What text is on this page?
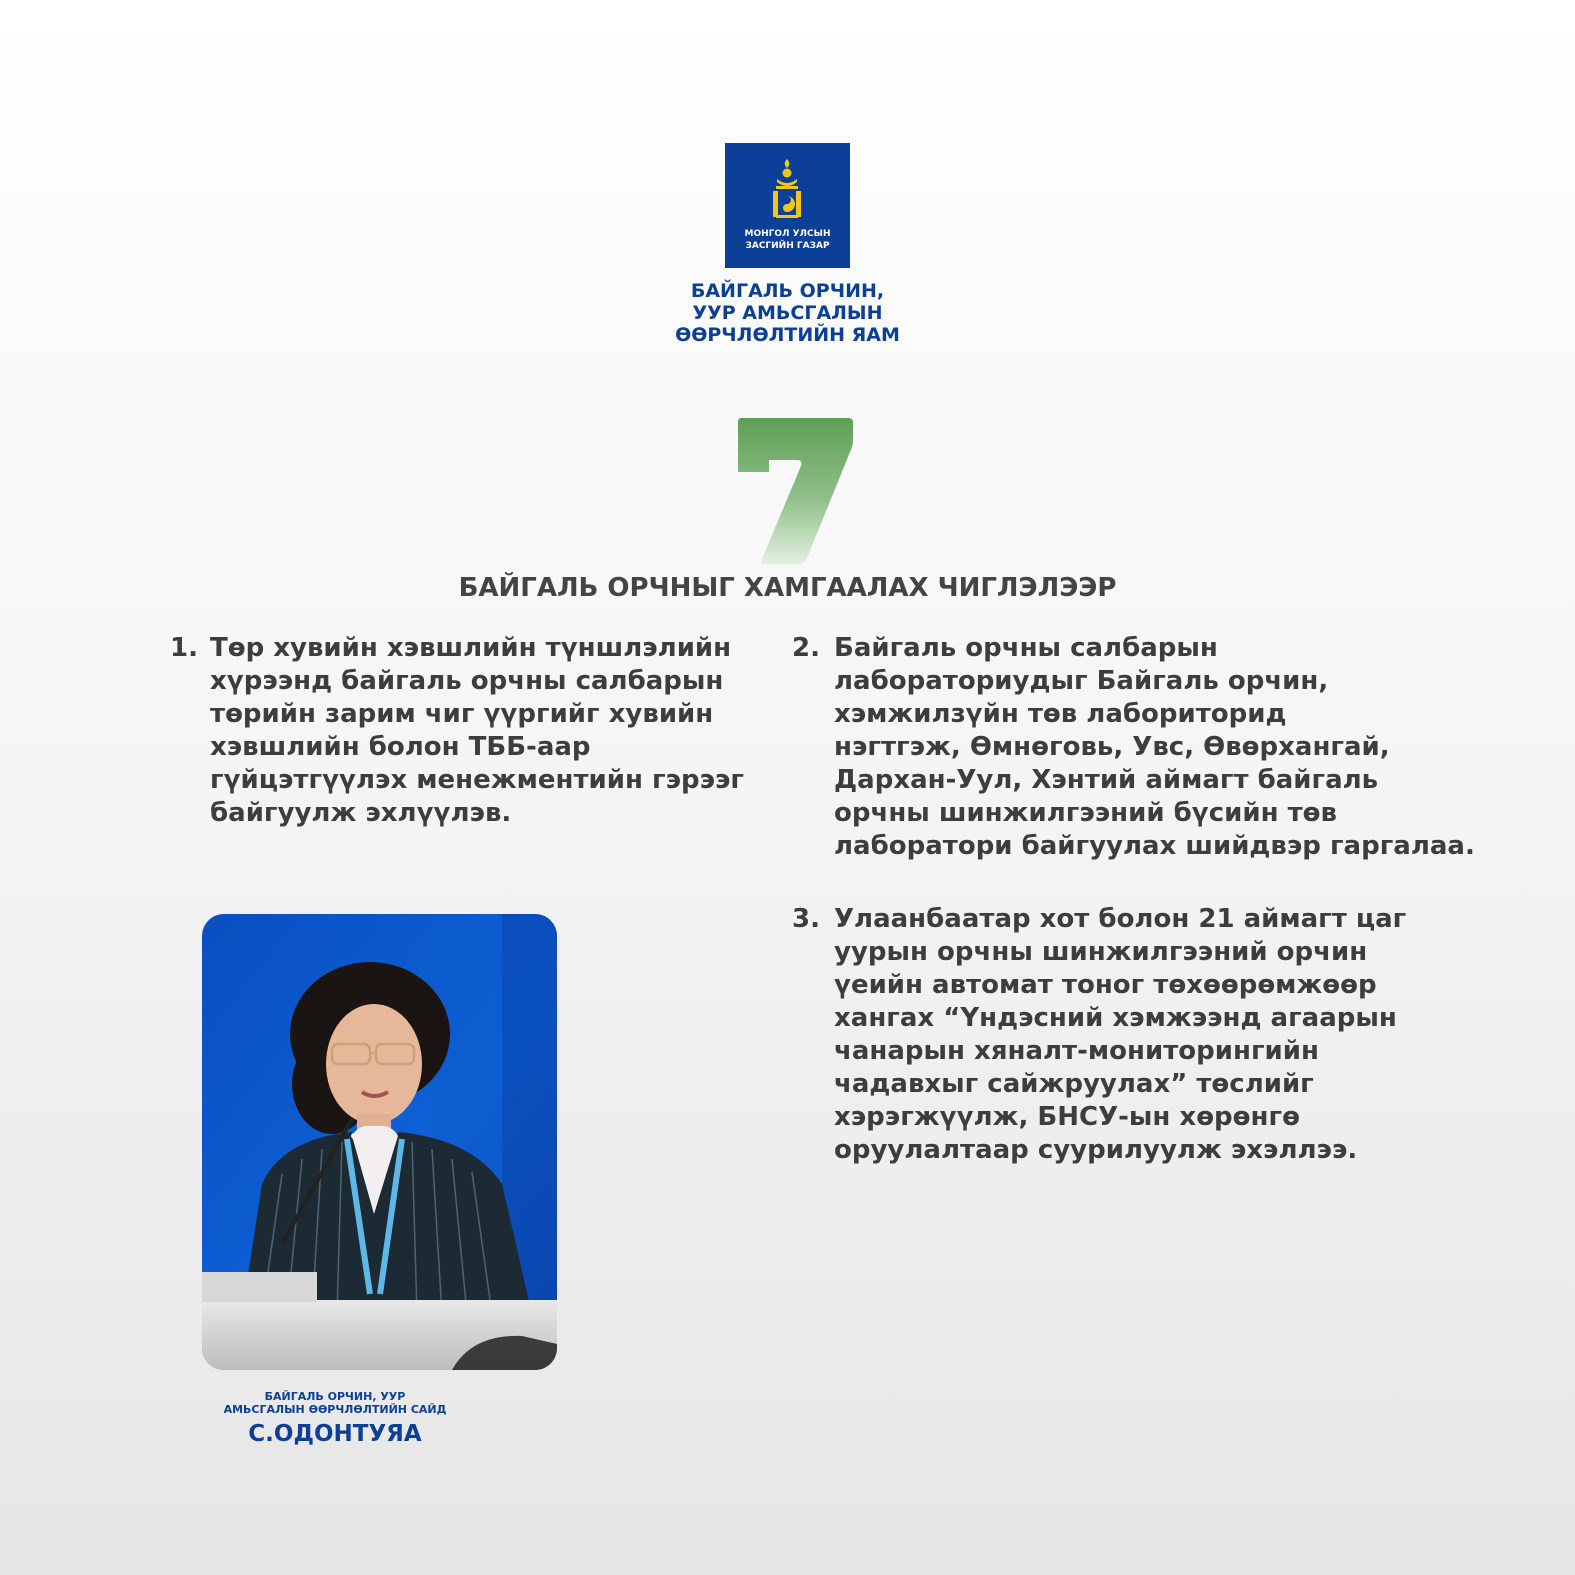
МОНГОЛ УЛСЫН
ЗАСГИЙН ГАЗАР
БАЙГАЛЬ ОРЧИН,
УУР АМЬСГАЛЫН
ӨӨРЧЛӨЛТИЙН ЯАМ
7
БАЙГАЛЬ ОРЧНЫГ ХАМГААЛАХ ЧИГЛЭЛЭЭР
1. Төр хувийн хэвшлийн түншлэлийн
хүрээнд байгаль орчны салбарын
төрийн зарим чиг үүргийг хувийн
хэвшлийн болон ТББ-аар
гүйцэтгүүлэх менежментийн гэрээг
байгуулж эхлүүлэв.
2. Байгаль орчны салбарын
лабораториудыг Байгаль орчин,
хэмжилзүйн төв лабориторид
нэгтгэж, Өмнөговь, Увс, Өвөрхангай,
Дархан-Уул, Хэнтий аймагт байгаль
орчны шинжилгээний бүсийн төв
лаборатори байгуулах шийдвэр гаргалаа.
3. Улаанбаатар хот болон 21 аймагт цаг
уурын орчны шинжилгээний орчин
үеийн автомат тоног төхөөрөмжөөр
хангах “Үндэсний хэмжээнд агаарын
чанарын хяналт-мониторингийн
чадавхыг сайжруулах” төслийг
хэрэгжүүлж, БНСУ-ын хөрөнгө
оруулалтаар суурилуулж эхэллээ.
БАЙГАЛЬ ОРЧИН, УУР
АМЬСГАЛЫН ӨӨРЧЛӨЛТИЙН САЙД
С.ОДОНТУЯА
